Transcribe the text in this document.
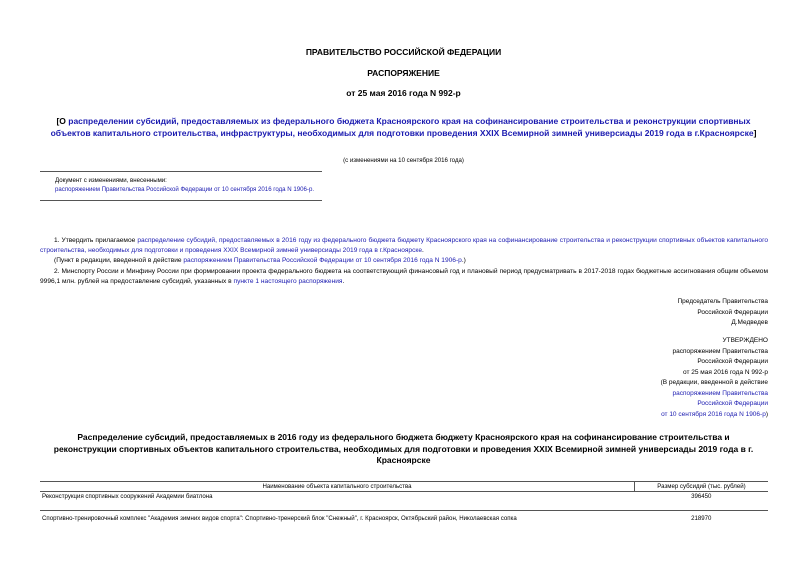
ПРАВИТЕЛЬСТВО РОССИЙСКОЙ ФЕДЕРАЦИИ
РАСПОРЯЖЕНИЕ
от 25 мая 2016 года N 992-р
[О распределении субсидий, предоставляемых из федерального бюджета Красноярского края на софинансирование строительства и реконструкции спортивных объектов капитального строительства, инфраструктуры, необходимых для подготовки проведения XXIX Всемирной зимней универсиады 2019 года в г.Красноярске]
(с изменениями на 10 сентября 2016 года)
Документ с изменениями, внесенными:
распоряжением Правительства Российской Федерации от 10 сентября 2016 года N 1906-р.
1. Утвердить прилагаемое распределение субсидий, предоставляемых в 2016 году из федерального бюджета бюджету Красноярского края на софинансирование строительства и реконструкции спортивных объектов капитального строительства, необходимых для подготовки и проведения XXIX Всемирной зимней универсиады 2019 года в г.Красноярске.
(Пункт в редакции, введенной в действие распоряжением Правительства Российской Федерации от 10 сентября 2016 года N 1906-р.)
2. Минспорту России и Минфину России при формировании проекта федерального бюджета на соответствующий финансовый год и плановый период предусматривать в 2017-2018 годах бюджетные ассигнования общим объемом 9996,1 млн. рублей на предоставление субсидий, указанных в пункте 1 настоящего распоряжения.
Председатель Правительства
Российской Федерации
Д.Медведев
УТВЕРЖДЕНО
распоряжением Правительства
Российской Федерации
от 25 мая 2016 года N 992-р
(В редакции, введенной в действие
распоряжением Правительства
Российской Федерации
от 10 сентября 2016 года N 1906-р)
Распределение субсидий, предоставляемых в 2016 году из федерального бюджета бюджету Красноярского края на софинансирование строительства и реконструкции спортивных объектов капитального строительства, необходимых для подготовки и проведения XXIX Всемирной зимней универсиады 2019 года в г. Красноярске
Наименование объекта капитального строительства	Размер субсидий (тыс. рублей)
Реконструкция спортивных сооружений Академии биатлона	396450
Спортивно-тренировочный комплекс "Академия зимних видов спорта": Спортивно-тренерский блок "Снежный", г. Красноярск, Октябрьский район, Николаевская сопка	218970
